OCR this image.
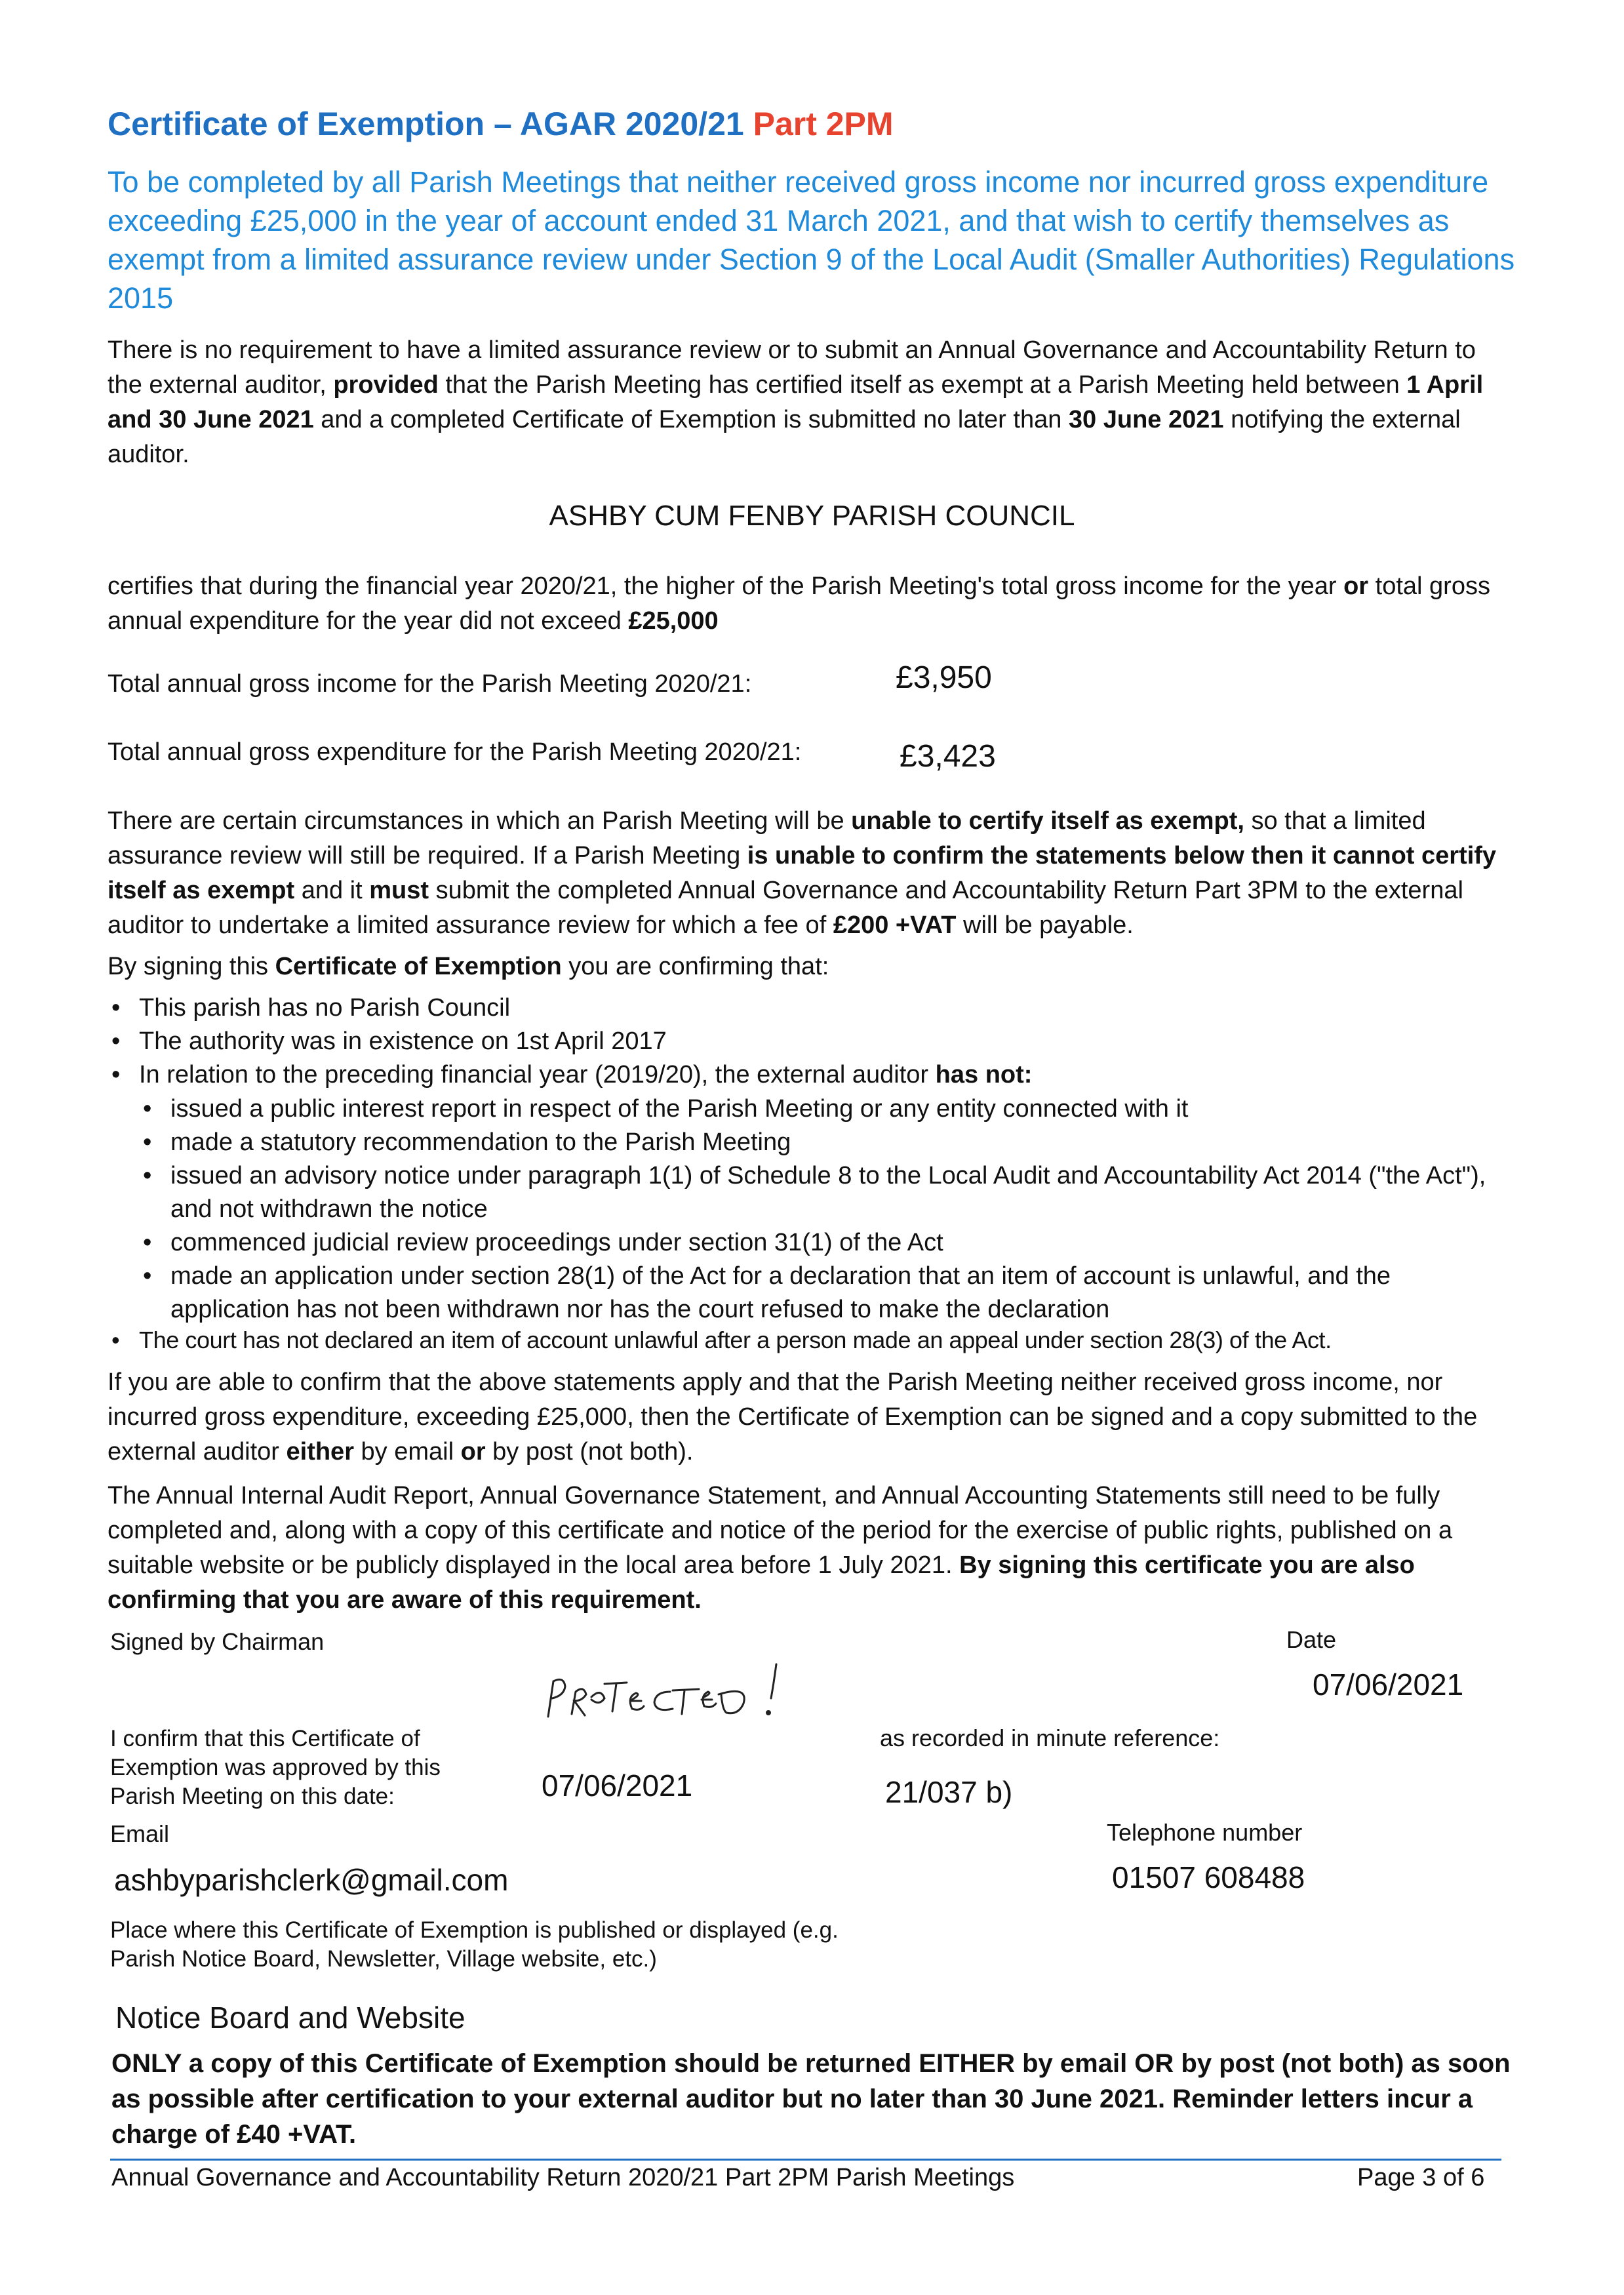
Certificate of Exemption – AGAR 2020/21 Part 2PM
To be completed by all Parish Meetings that neither received gross income nor incurred gross expenditure exceeding £25,000 in the year of account ended 31 March 2021, and that wish to certify themselves as exempt from a limited assurance review under Section 9 of the Local Audit (Smaller Authorities) Regulations 2015
There is no requirement to have a limited assurance review or to submit an Annual Governance and Accountability Return to the external auditor, provided that the Parish Meeting has certified itself as exempt at a Parish Meeting held between 1 April and 30 June 2021 and a completed Certificate of Exemption is submitted no later than 30 June 2021 notifying the external auditor.
ASHBY CUM FENBY PARISH COUNCIL
certifies that during the financial year 2020/21, the higher of the Parish Meeting's total gross income for the year or total gross annual expenditure for the year did not exceed £25,000
Total annual gross income for the Parish Meeting 2020/21:	£3,950
Total annual gross expenditure for the Parish Meeting 2020/21:	£3,423
There are certain circumstances in which an Parish Meeting will be unable to certify itself as exempt, so that a limited assurance review will still be required. If a Parish Meeting is unable to confirm the statements below then it cannot certify itself as exempt and it must submit the completed Annual Governance and Accountability Return Part 3PM to the external auditor to undertake a limited assurance review for which a fee of £200 +VAT will be payable.
By signing this Certificate of Exemption you are confirming that:
• This parish has no Parish Council
• The authority was in existence on 1st April 2017
• In relation to the preceding financial year (2019/20), the external auditor has not:
• issued a public interest report in respect of the Parish Meeting or any entity connected with it
• made a statutory recommendation to the Parish Meeting
• issued an advisory notice under paragraph 1(1) of Schedule 8 to the Local Audit and Accountability Act 2014 ("the Act"), and not withdrawn the notice
• commenced judicial review proceedings under section 31(1) of the Act
• made an application under section 28(1) of the Act for a declaration that an item of account is unlawful, and the application has not been withdrawn nor has the court refused to make the declaration
• The court has not declared an item of account unlawful after a person made an appeal under section 28(3) of the Act.
If you are able to confirm that the above statements apply and that the Parish Meeting neither received gross income, nor incurred gross expenditure, exceeding £25,000, then the Certificate of Exemption can be signed and a copy submitted to the external auditor either by email or by post (not both).
The Annual Internal Audit Report, Annual Governance Statement, and Annual Accounting Statements still need to be fully completed and, along with a copy of this certificate and notice of the period for the exercise of public rights, published on a suitable website or be publicly displayed in the local area before 1 July 2021. By signing this certificate you are also confirming that you are aware of this requirement.
Signed by Chairman	Date
07/06/2021
I confirm that this Certificate of Exemption was approved by this Parish Meeting on this date:	07/06/2021
as recorded in minute reference:
21/037 b)
Email	Telephone number
ashbyparishclerk@gmail.com	01507 608488
Place where this Certificate of Exemption is published or displayed (e.g. Parish Notice Board, Newsletter, Village website, etc.)
Notice Board and Website
ONLY a copy of this Certificate of Exemption should be returned EITHER by email OR by post (not both) as soon as possible after certification to your external auditor but no later than 30 June 2021. Reminder letters incur a charge of £40 +VAT.
Annual Governance and Accountability Return 2020/21 Part 2PM Parish Meetings	Page 3 of 6
